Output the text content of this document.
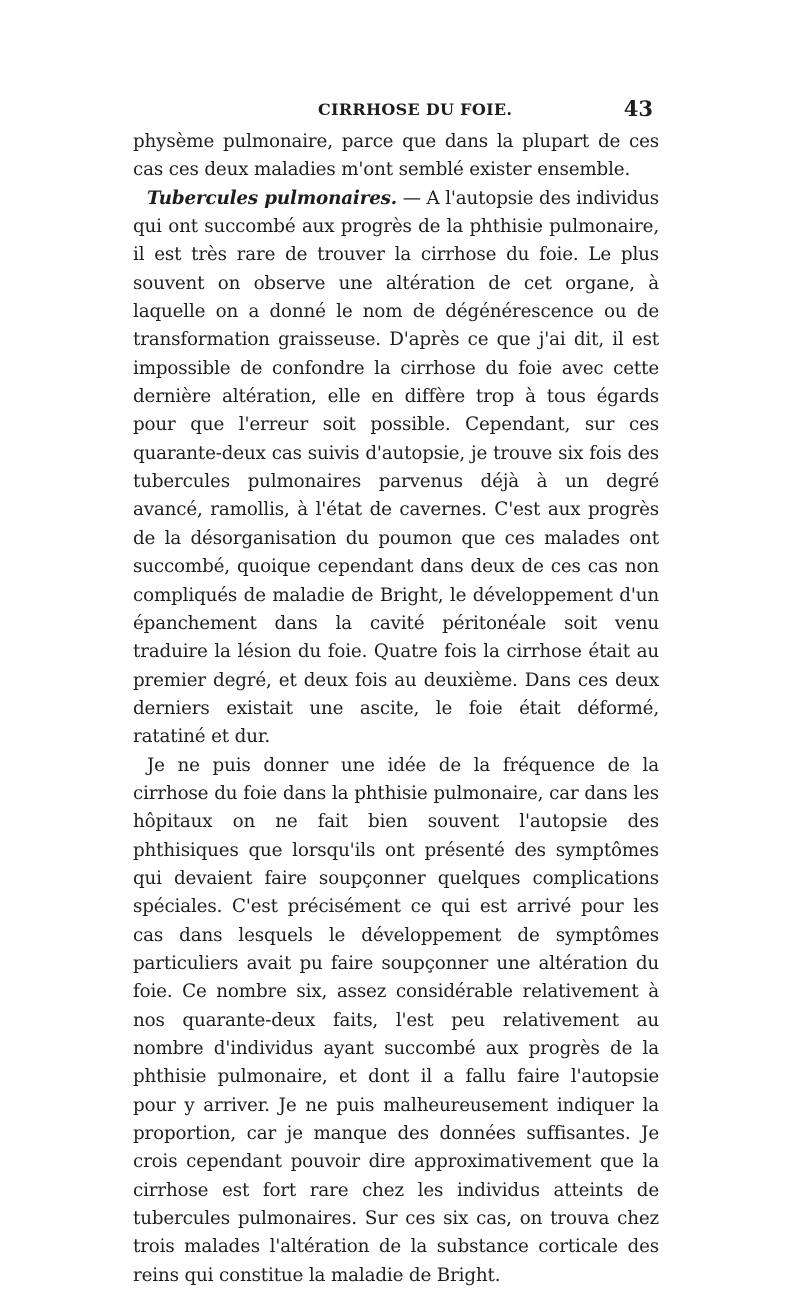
CIRRHOSE DU FOIE.	43

physème pulmonaire, parce que dans la plupart de ces cas ces deux maladies m'ont semblé exister ensemble.

Tubercules pulmonaires. — A l'autopsie des individus qui ont succombé aux progrès de la phthisie pulmonaire, il est très rare de trouver la cirrhose du foie. Le plus souvent on observe une altération de cet organe, à laquelle on a donné le nom de dégénérescence ou de transformation graisseuse. D'après ce que j'ai dit, il est impossible de confondre la cirrhose du foie avec cette dernière altération, elle en diffère trop à tous égards pour que l'erreur soit possible. Cependant, sur ces quarante-deux cas suivis d'autopsie, je trouve six fois des tubercules pulmonaires parvenus déjà à un degré avancé, ramollis, à l'état de cavernes. C'est aux progrès de la désorganisation du poumon que ces malades ont succombé, quoique cependant dans deux de ces cas non compliqués de maladie de Bright, le développement d'un épanchement dans la cavité péritonéale soit venu traduire la lésion du foie. Quatre fois la cirrhose était au premier degré, et deux fois au deuxième. Dans ces deux derniers existait une ascite, le foie était déformé, ratatiné et dur.

Je ne puis donner une idée de la fréquence de la cirrhose du foie dans la phthisie pulmonaire, car dans les hôpitaux on ne fait bien souvent l'autopsie des phthisiques que lorsqu'ils ont présenté des symptômes qui devaient faire soupçonner quelques complications spéciales. C'est précisément ce qui est arrivé pour les cas dans lesquels le développement de symptômes particuliers avait pu faire soupçonner une altération du foie. Ce nombre six, assez considérable relativement à nos quarante-deux faits, l'est peu relativement au nombre d'individus ayant succombé aux progrès de la phthisie pulmonaire, et dont il a fallu faire l'autopsie pour y arriver. Je ne puis malheureusement indiquer la proportion, car je manque des données suffisantes. Je crois cependant pouvoir dire approximativement que la cirrhose est fort rare chez les individus atteints de tubercules pulmonaires. Sur ces six cas, on trouva chez trois malades l'altération de la substance corticale des reins qui constitue la maladie de Bright.
